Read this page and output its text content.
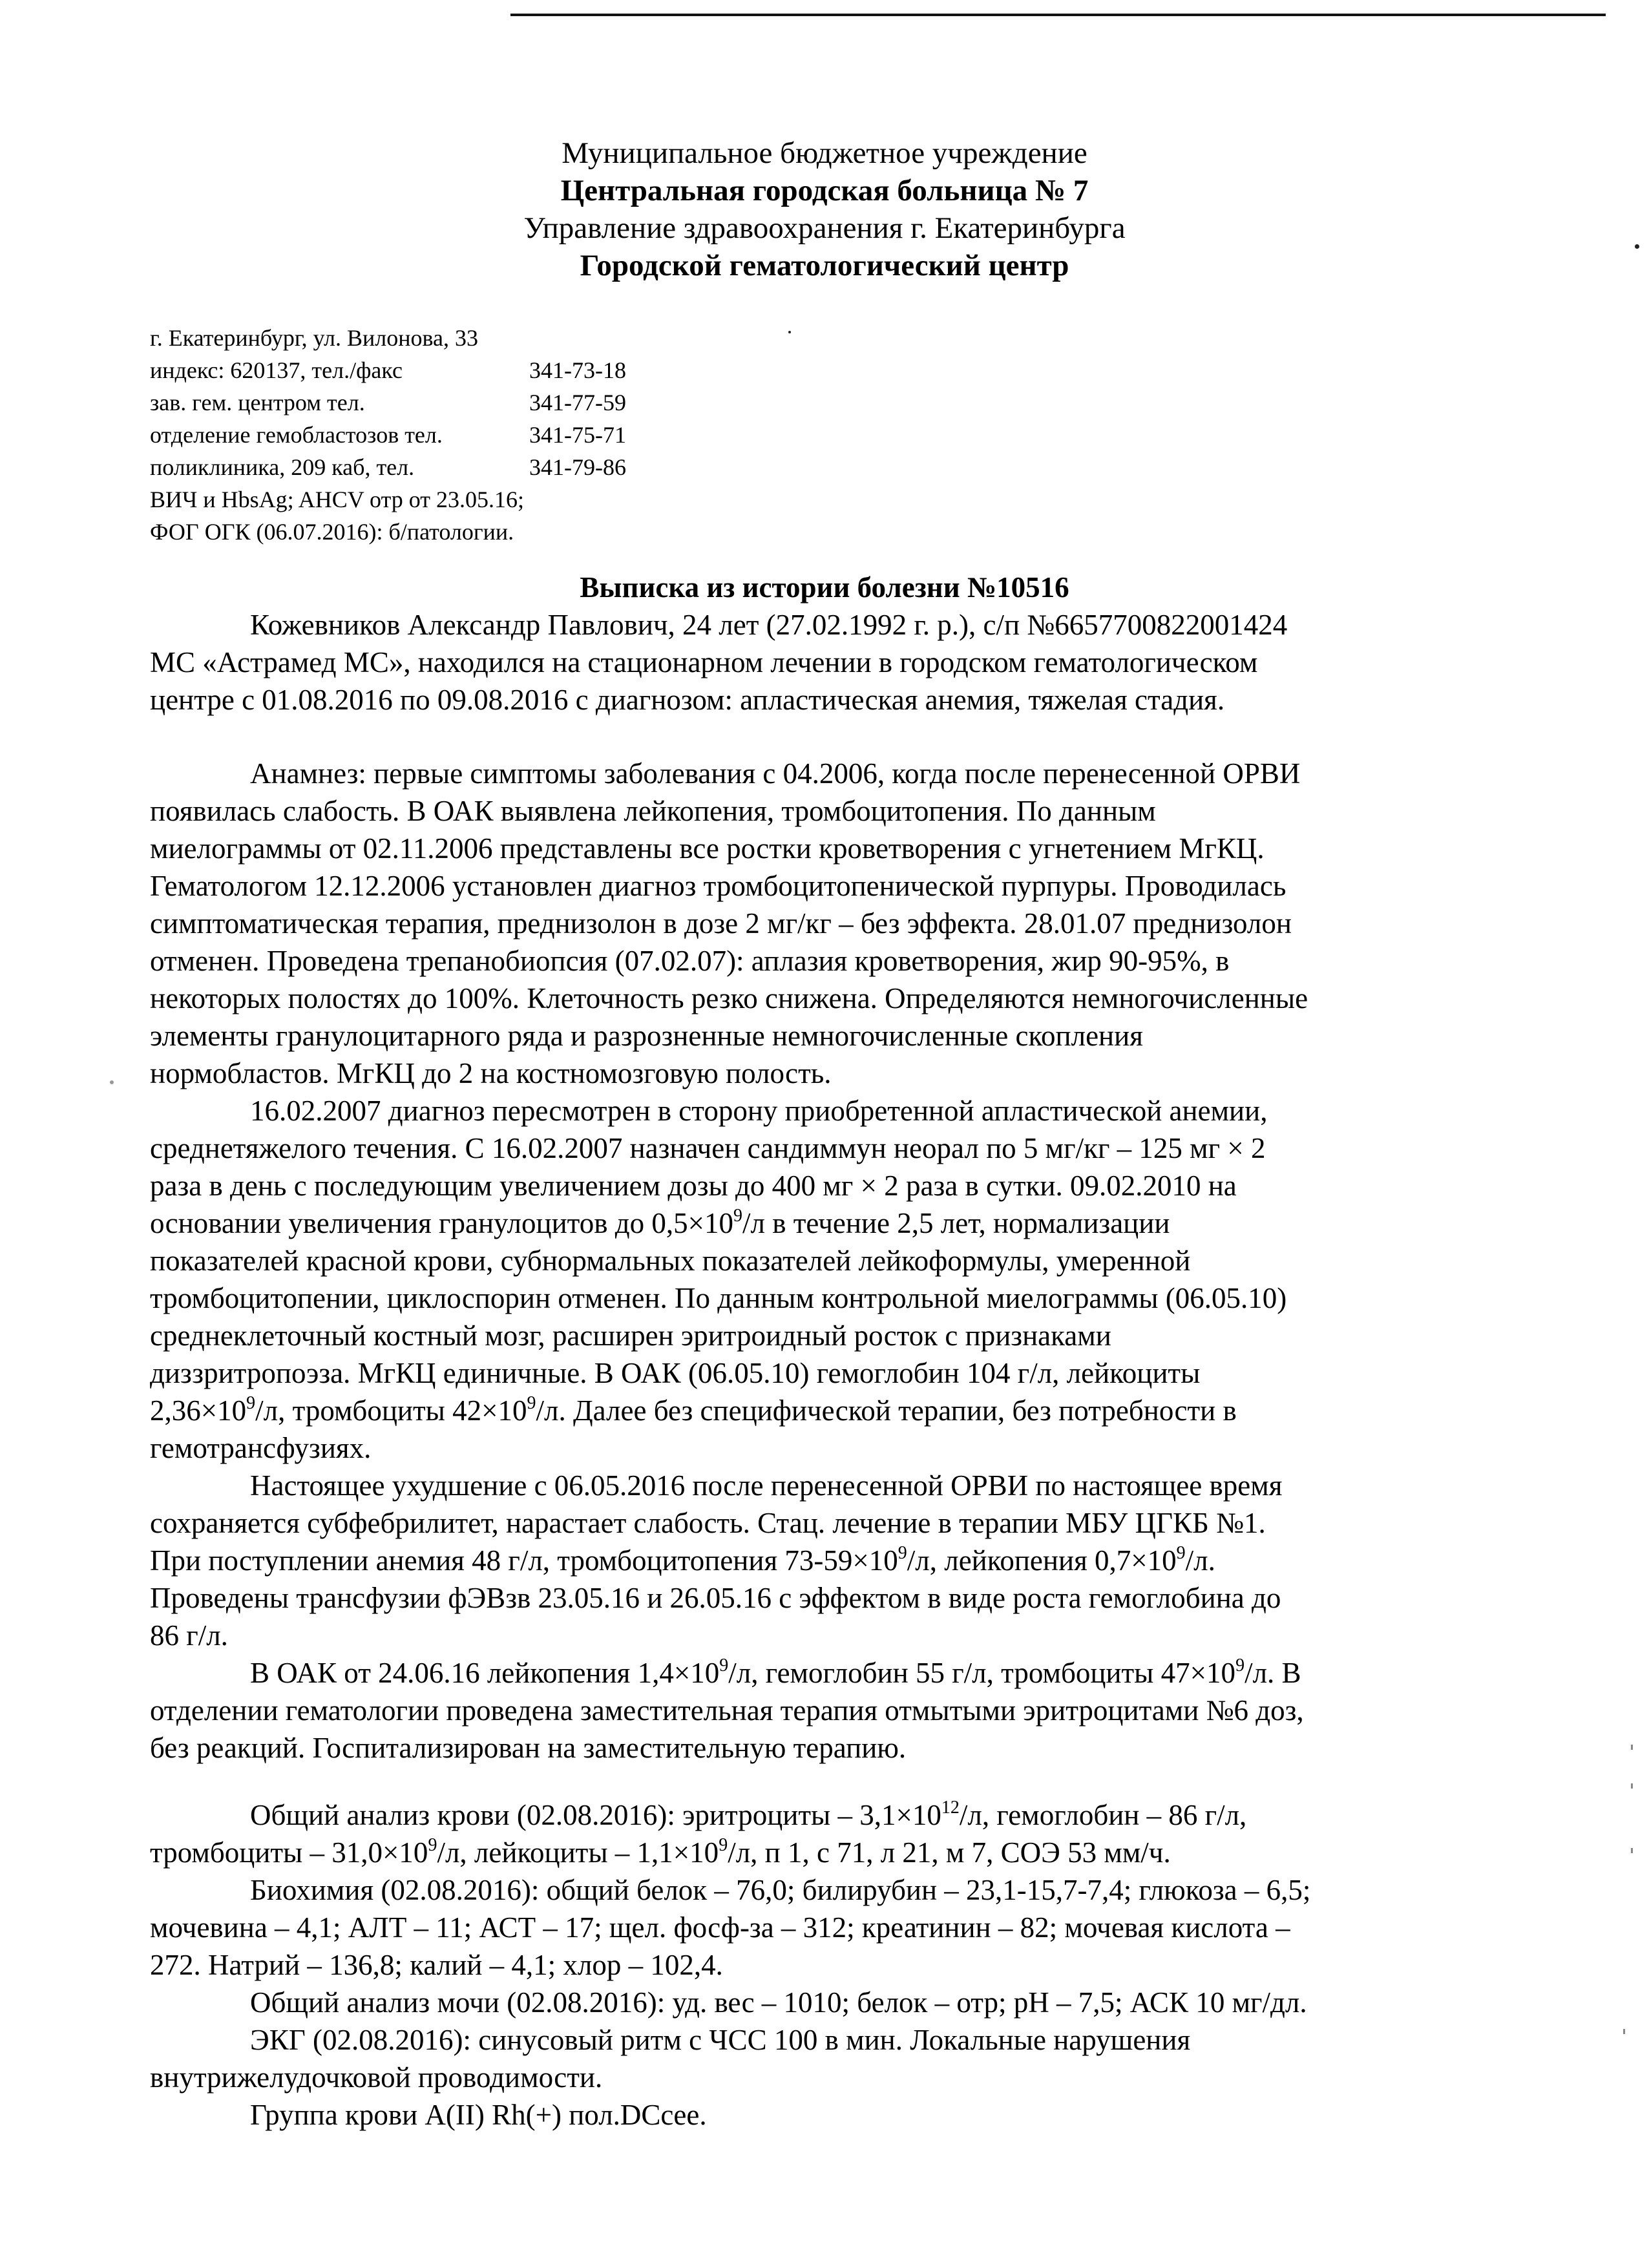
Муниципальное бюджетное учреждение
Центральная городская больница № 7
Управление здравоохранения г. Екатеринбурга
Городской гематологический центр
г. Екатеринбург, ул. Вилонова, 33
индекс: 620137, тел./факс	341-73-18
зав. гем. центром тел.	341-77-59
отделение гемобластозов тел.	341-75-71
поликлиника, 209 каб, тел.	341-79-86
ВИЧ и HbsAg; AHCV отр от 23.05.16;
ФОГ ОГК (06.07.2016): б/патологии.
Выписка из истории болезни №10516
Кожевников Александр Павлович, 24 лет (27.02.1992 г. р.), с/п №6657700822001424
МС «Астрамед МС», находился на стационарном лечении в городском гематологическом
центре с 01.08.2016 по 09.08.2016 с диагнозом: апластическая анемия, тяжелая стадия.
Анамнез: первые симптомы заболевания с 04.2006, когда после перенесенной ОРВИ
появилась слабость. В ОАК выявлена лейкопения, тромбоцитопения. По данным
миелограммы от 02.11.2006 представлены все ростки кроветворения с угнетением МгКЦ.
Гематологом 12.12.2006 установлен диагноз тромбоцитопенической пурпуры. Проводилась
симптоматическая терапия, преднизолон в дозе 2 мг/кг – без эффекта. 28.01.07 преднизолон
отменен. Проведена трепанобиопсия (07.02.07): аплазия кроветворения, жир 90-95%, в
некоторых полостях до 100%. Клеточность резко снижена. Определяются немногочисленные
элементы гранулоцитарного ряда и разрозненные немногочисленные скопления
нормобластов. МгКЦ до 2 на костномозговую полость.
16.02.2007 диагноз пересмотрен в сторону приобретенной апластической анемии,
среднетяжелого течения. С 16.02.2007 назначен сандиммун неорал по 5 мг/кг – 125 мг × 2
раза в день с последующим увеличением дозы до 400 мг × 2 раза в сутки. 09.02.2010 на
основании увеличения гранулоцитов до $0,5\times 10^9/л$ в течение 2,5 лет, нормализации
показателей красной крови, субнормальных показателей лейкоформулы, умеренной
тромбоцитопении, циклоспорин отменен. По данным контрольной миелограммы (06.05.10)
среднеклеточный костный мозг, расширен эритроидный росток с признаками
диззритропоэза. МгКЦ единичные. В ОАК (06.05.10) гемоглобин 104 г/л, лейкоциты
$2,36\times 10^9/л$, тромбоциты $42\times 10^9/л$. Далее без специфической терапии, без потребности в
гемотрансфузиях.
Настоящее ухудшение с 06.05.2016 после перенесенной ОРВИ по настоящее время
сохраняется субфебрилитет, нарастает слабость. Стац. лечение в терапии МБУ ЦГКБ №1.
При поступлении анемия 48 г/л, тромбоцитопения $73-59\times 10^9/л$, лейкопения $0,7\times 10^9/л$.
Проведены трансфузии фЭВзв 23.05.16 и 26.05.16 с эффектом в виде роста гемоглобина до
86 г/л.
В ОАК от 24.06.16 лейкопения $1,4\times 10^9/л$, гемоглобин 55 г/л, тромбоциты $47\times 10^9/л$. В
отделении гематологии проведена заместительная терапия отмытыми эритроцитами №6 доз,
без реакций. Госпитализирован на заместительную терапию.
Общий анализ крови (02.08.2016): эритроциты – $3,1\times 10^{12}/л$, гемоглобин – 86 г/л,
тромбоциты – $31,0\times 10^9/л$, лейкоциты – $1,1\times 10^9/л$, п 1, с 71, л 21, м 7, СОЭ 53 мм/ч.
Биохимия (02.08.2016): общий белок – 76,0; билирубин – 23,1-15,7-7,4; глюкоза – 6,5;
мочевина – 4,1; АЛТ – 11; АСТ – 17; щел. фосф-за – 312; креатинин – 82; мочевая кислота –
272. Натрий – 136,8; калий – 4,1; хлор – 102,4.
Общий анализ мочи (02.08.2016): уд. вес – 1010; белок – отр; pH – 7,5; АСК 10 мг/дл.
ЭКГ (02.08.2016): синусовый ритм с ЧСС 100 в мин. Локальные нарушения
внутрижелудочковой проводимости.
Группа крови A(II) Rh(+) пол.DCcee.
